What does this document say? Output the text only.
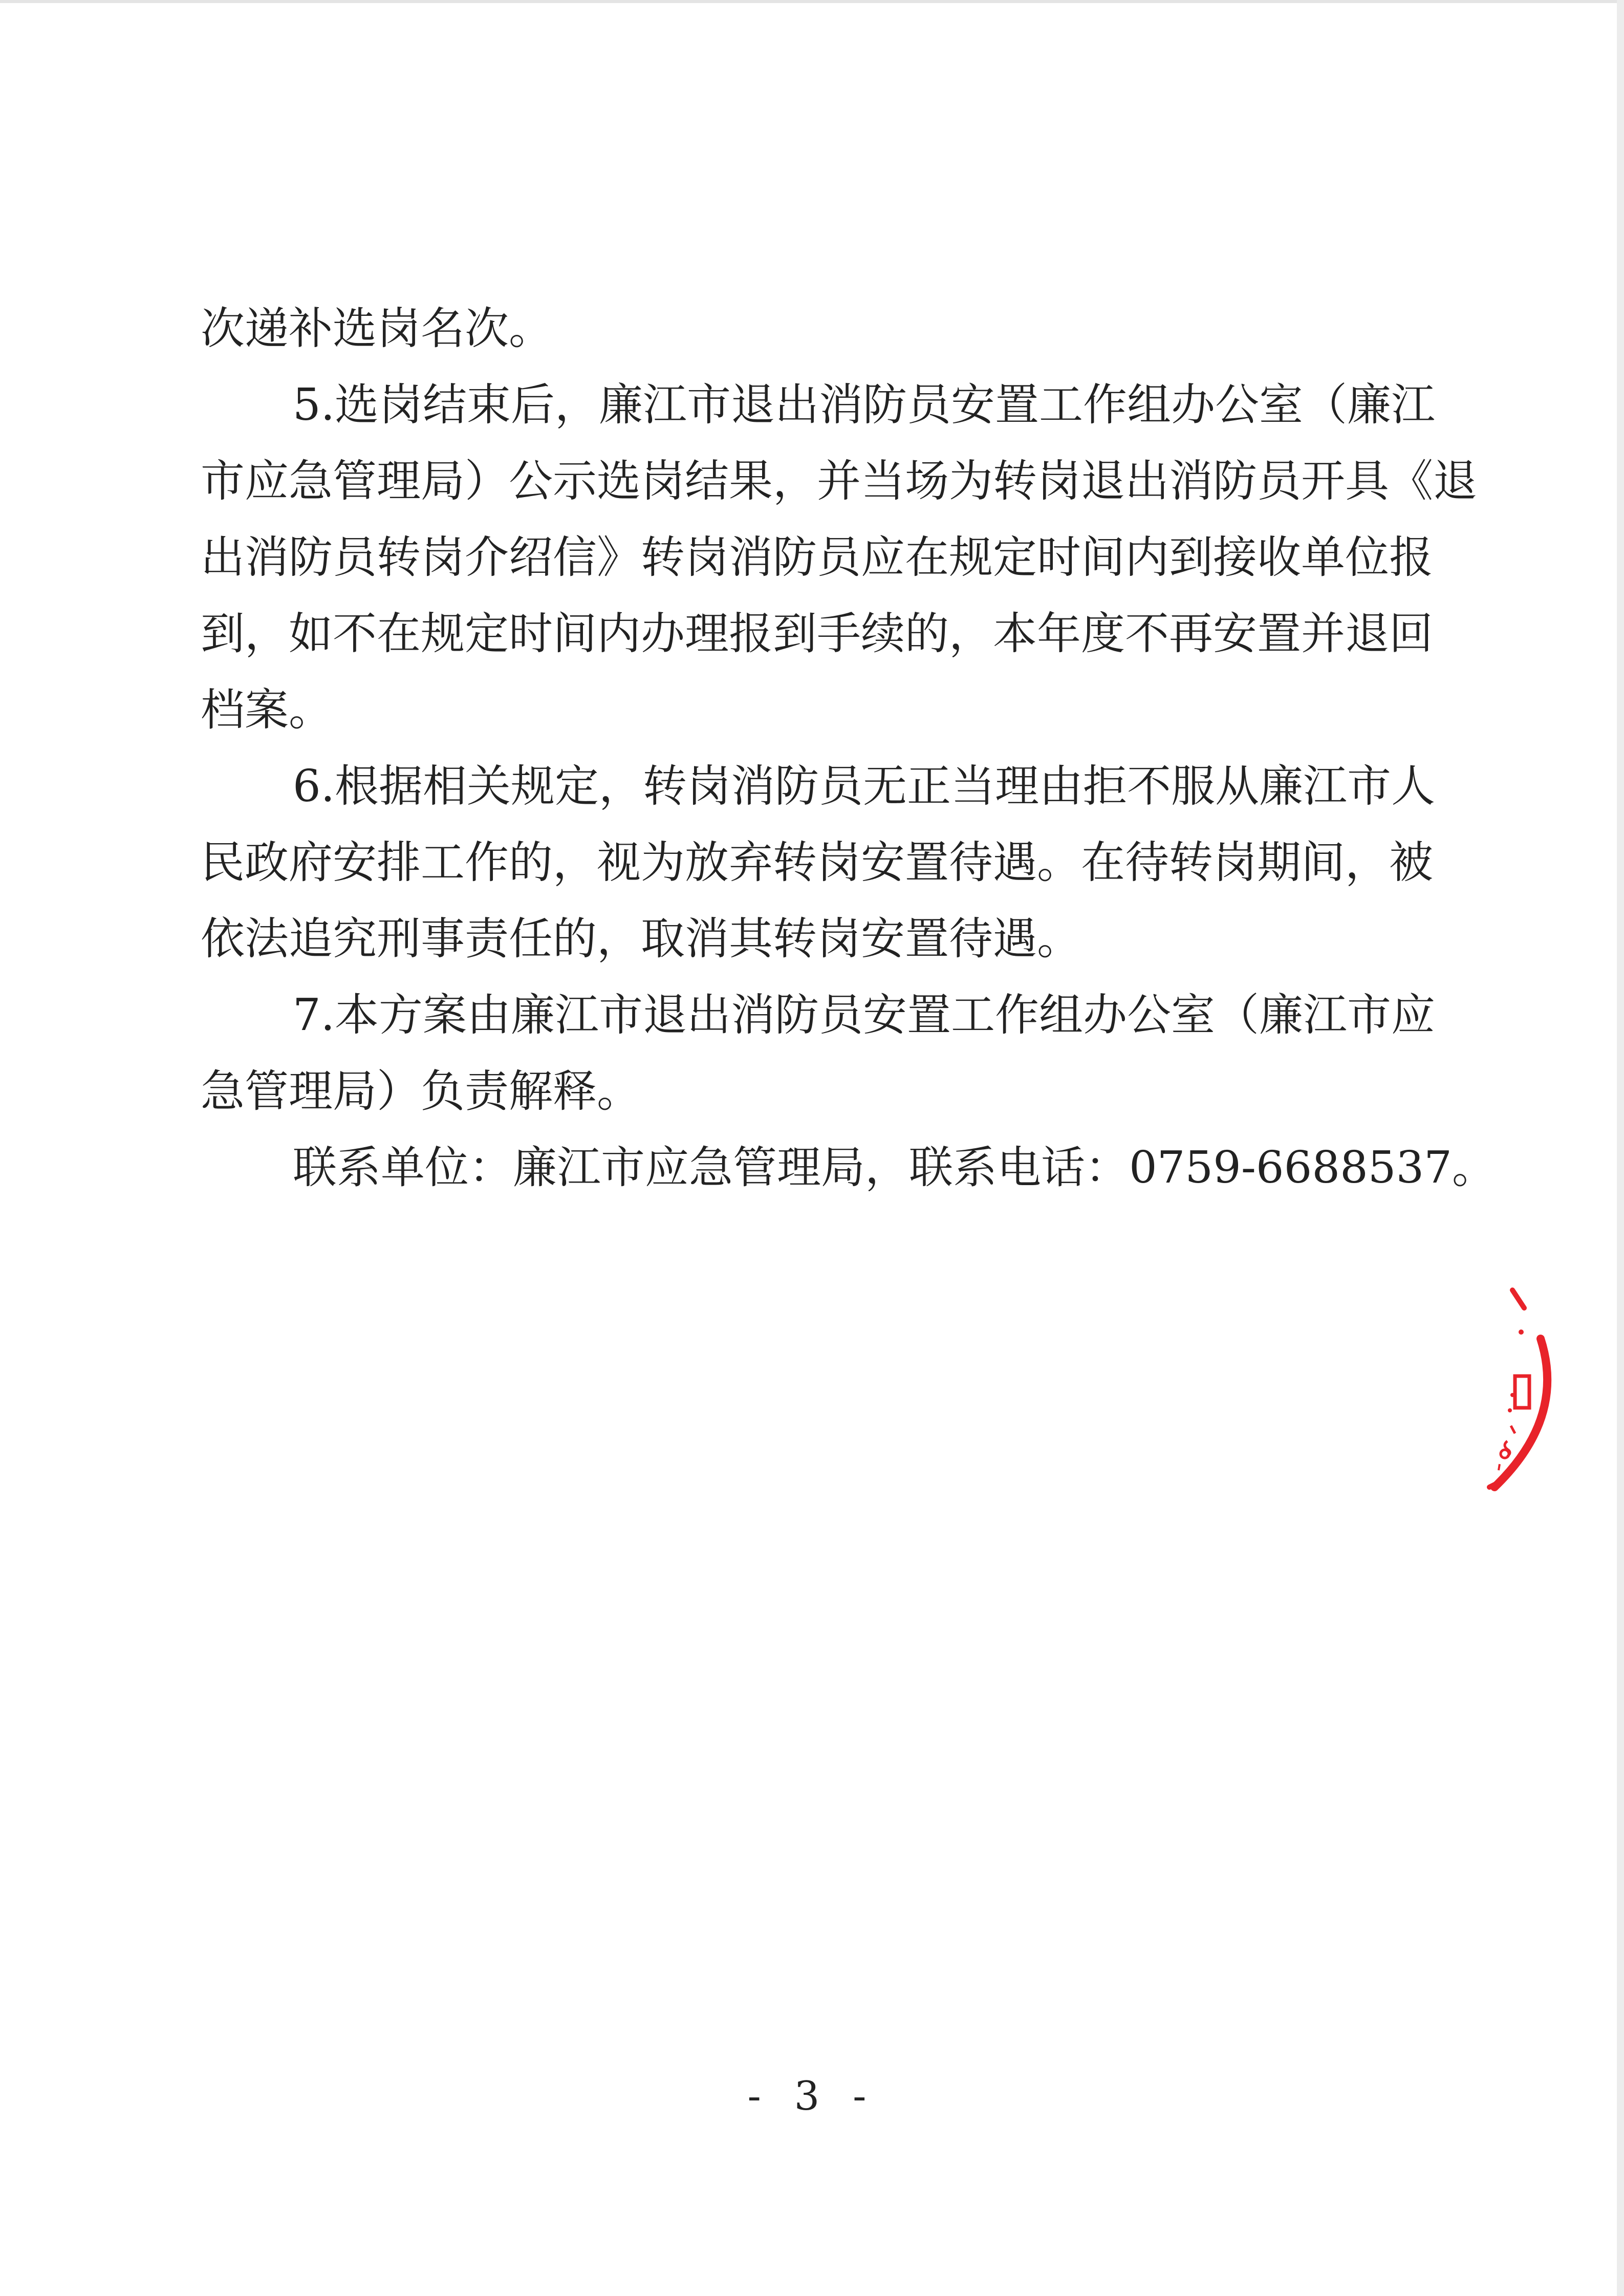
次递补选岗名次。
5.选岗结束后，廉江市退出消防员安置工作组办公室（廉江
市应急管理局）公示选岗结果，并当场为转岗退出消防员开具《退
出消防员转岗介绍信》转岗消防员应在规定时间内到接收单位报
到，如不在规定时间内办理报到手续的，本年度不再安置并退回
档案。
6.根据相关规定，转岗消防员无正当理由拒不服从廉江市人
民政府安排工作的，视为放弃转岗安置待遇。在待转岗期间，被
依法追究刑事责任的，取消其转岗安置待遇。
7.本方案由廉江市退出消防员安置工作组办公室（廉江市应
急管理局）负责解释。
联系单位：廉江市应急管理局，联系电话：0759-6688537。
- 3 -
